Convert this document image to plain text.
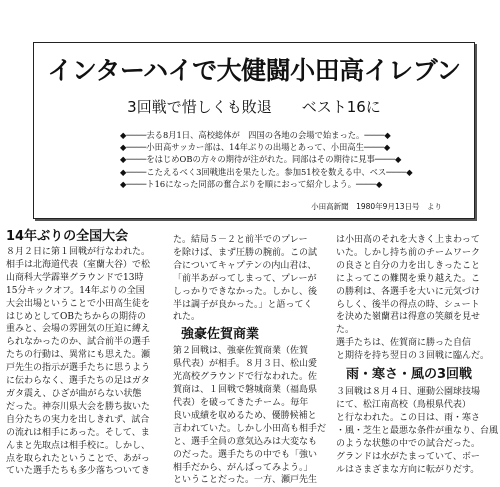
インターハイで大健闘小田高イレブン
3回戦で惜しくも敗退　　ベスト16に
◆────去る8月1日、高校総体が　四国の各地の会場で始まった。────◆
◆────小田高サッカー部は、14年ぶりの出場とあって、小田高生────◆
◆────をはじめOBの方々の期待が注がれた。同部はその期待に見事────◆
◆────こたえるべく3回戦進出を果たした。参加51校を数える中、ベス────◆
◆────ト16になった同部の奮合ぶりを順におって紹介しよう。────◆
小田高新聞　1980年9月13日号　より
14年ぶりの全国大会

８月２日に第１回戦が行なわれた。

相手は北海道代表（室蘭大谷）で松

山商科大学霹崋グラウンドで13時

15分キックオフ。14年ぶりの全国

大会出場ということで小田高生徒を

はじめとしてOBたちからの期待の

重みと、会場の雰囲気の圧迫に縛え

られなかったのか、試合前半の選手

たちの行動は、異常にも思えた。瀬

戸先生の指示が選手たちに思うよう

に伝わらなく、選手たちの足はガタ

ガタ震え、ひざが曲がらない状態

だった。神奈川県大会を勝ち抜いた

自分たちの実力を出しきれず、試合

の流れは相手にあった。そして、ま

んまと先取点は相手校に。しかし、

点を取られたということで、あがっ

ていた選手たちも多少落ちついてき

た。結局５－２と前半でのプレー

を除けば、まず圧勝の腕前。この試

合についてキャプテンの内山君は、

「前半あがってしまって、プレーが

しっかりできなかった。しかし、後

半は調子が良かった。」と語ってく

れた。

強豪佐賀商業

第２回戦は、強豪佐賀商業（佐賀

県代表）が相手。８月３日、松山愛

光高校グラウンドで行なわれた。佐

賀商は、１回戦で磐城商業（福島県

代表）を破ってきたチーム。毎年

良い成績を収めるため、優勝候補と

言われていた。しかし小田高も相手だ

と、選手全員の意気込みは大変なも

のだった。選手たちの中でも「強い

相手だから、がんばってみよう。」

ということだった。一方、瀬戸先生

は小田高のそれを大きく上まわって

いた。しかし持ち前のチームワーク

の良さと自分の力を出しきったこと

によってこの難関を乗り越えた。こ

の勝利は、各選手を大いに元気づけ

らしく、後半の得点の時、シュート

を決めた嶺蘭君は得意の笑顔を見せ

た。

選手たちは、佐賀商に勝った自信

と期待を持ち翌日の３回戦に臨んだ。

雨・寒さ・風の3回戦

３回戦は８月４日、運動公園球技場

にて、松江南高校（鳥根県代表）

と行なわれた。この日は、雨・寒さ

・風・芝生と最悪な条件が重なり、台風

のような状態の中での試合だった。

グランドは水がたまっていて、ボー

ルはさまざまな方向に転がりだす。
